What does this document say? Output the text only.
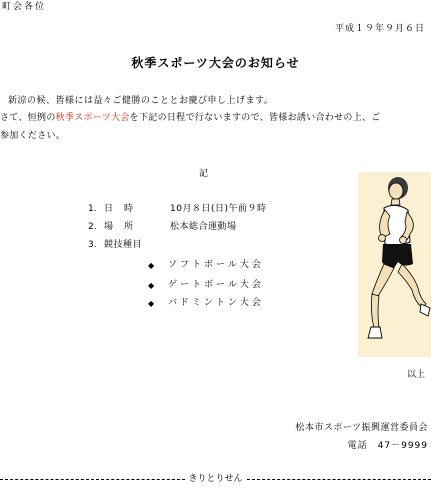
町会各位
平成１９年９月６日
秋季スポーツ大会のお知らせ
新涼の候、皆様には益々ご健勝のこととお慶び申し上げます。
さて、恒例の秋季スポーツ大会を下記の日程で行ないますので、皆様お誘い合わせの上、ご
参加ください。
記
1. 日　時	10月８日(日)午前９時
2. 場　所	松本総合運動場
3. 競技種目
◆ ソフトボール大会
◆ ゲートボール大会
◆ バドミントン大会
以上
松本市スポーツ振興運営委員会
電話　47－9999
きりとりせん
